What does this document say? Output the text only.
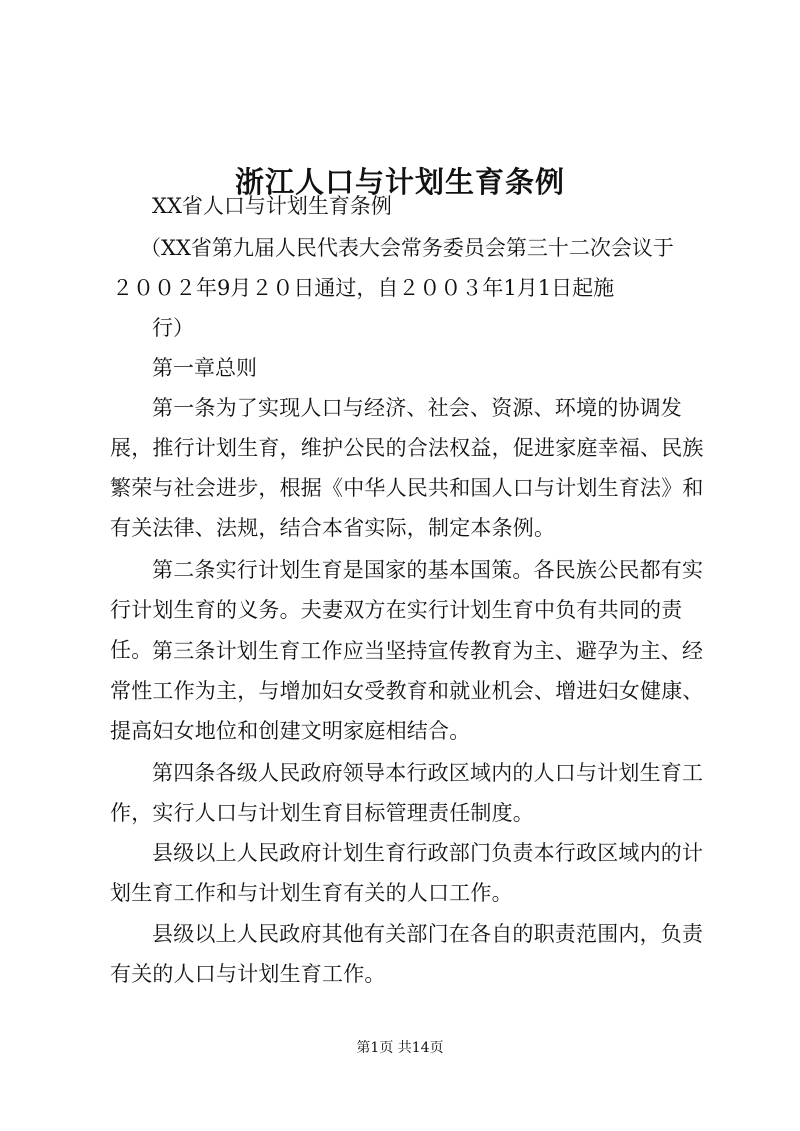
浙江人口与计划生育条例

XX省人口与计划生育条例

（XX省第九届人民代表大会常务委员会第三十二次会议于

２００２年9月２０日通过，自２００３年1月1日起施

行）

第一章总则

第一条为了实现人口与经济、社会、资源、环境的协调发展，推行计划生育，维护公民的合法权益，促进家庭幸福、民族繁荣与社会进步，根据《中华人民共和国人口与计划生育法》和有关法律、法规，结合本省实际，制定本条例。

第二条实行计划生育是国家的基本国策。各民族公民都有实行计划生育的义务。夫妻双方在实行计划生育中负有共同的责任。 第三条计划生育工作应当坚持宣传教育为主、避孕为主、经常性工作为主，与增加妇女受教育和就业机会、增进妇女健康、提高妇女地位和创建文明家庭相结合。

第四条各级人民政府领导本行政区域内的人口与计划生育工作，实行人口与计划生育目标管理责任制度。

县级以上人民政府计划生育行政部门负责本行政区域内的计划生育工作和与计划生育有关的人口工作。

县级以上人民政府其他有关部门在各自的职责范围内，负责有关的人口与计划生育工作。

第1页 共14页
